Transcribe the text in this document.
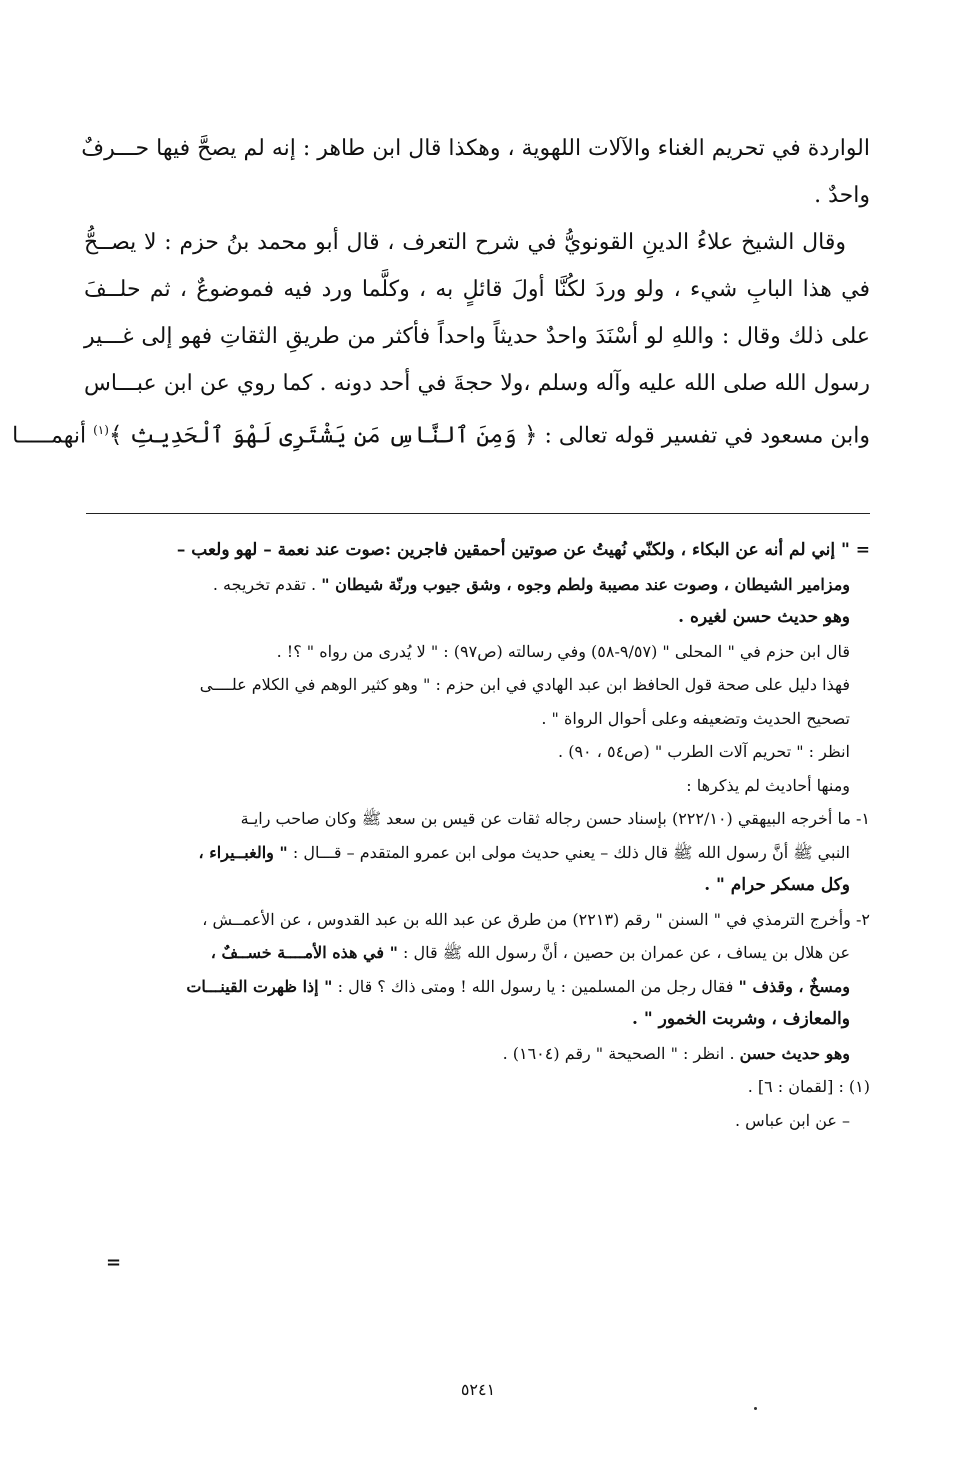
الواردة في تحريم الغناء والآلات اللهوية ، وهكذا قال ابن طاهر : إنه لم يصحَّ فيها حـــرفٌ
واحدٌ .
وقال الشيخ علاءُ الدينِ القونويُّ في شرح التعرف ، قال أبو محمد بنُ حزم : لا يصــحُّ
في هذا البابِ شيء ، ولو وردَ لكُنَّا أولَ قائلٍ به ، وكلَّما ورد فيه فموضوعٌ ، ثم حلــفَ
على ذلك وقال : واللهِ لو أسْنَدَ واحدٌ حديثاً واحداً فأكثر من طريقِ الثقاتِ فهو إلى غـــير
رسول الله صلى الله عليه وآله وسلم ،ولا حجةَ في أحد دونه . كما روي عن ابن عبـــاس
وابن مسعود في تفسير قوله تعالى : ﴿ وَمِنَ ٱلنَّاسِ مَن يَشْتَرِى لَهْوَ ٱلْحَدِيثِ ﴾$^{(١)}$ أنهمـــــا
= " إني لم أنه عن البكاء ، ولكنّي نُهيتُ عن صوتين أحمقين فاجرين :صوت عند نعمة – لهو ولعب –
ومزامير الشيطان ، وصوت عند مصيبة ولطم وجوه ، وشق جيوب ورنّة شيطان " . تقدم تخريجه .
وهو حديث حسن لغيره .
قال ابن حزم في " المحلى " (٩/٥٧-٥٨) وفي رسالته (ص٩٧) : " لا يُدرى من رواه " ؟! .
فهذا دليل على صحة قول الحافظ ابن عبد الهادي في ابن حزم : " وهو كثير الوهم في الكلام علــــى
تصحيح الحديث وتضعيفه وعلى أحوال الرواة " .
انظر : " تحريم آلات الطرب " (ص٥٤ ، ٩٠) .
ومنها أحاديث لم يذكرها :
١- ما أخرجه البيهقي (٢٢٢/١٠) بإسناد حسن رجاله ثقات عن قيس بن سعد ﷺ وكان صاحب رايـة
النبي ﷺ أنَّ رسول الله ﷺ قال ذلك – يعني حديث مولى ابن عمرو المتقدم – قـــال : " والغبــيراء ،
وكل مسكر حرام " .
٢- وأخرج الترمذي في " السنن " رقم (٢٢١٣) من طرق عن عبد الله بن عبد القدوس ، عن الأعمــش ،
عن هلال بن يساف ، عن عمران بن حصين ، أنَّ رسول الله ﷺ قال : " في هذه الأمــــة خســفٌ ،
ومسخٌ ، وقذف " فقال رجل من المسلمين : يا رسول الله ! ومتى ذاك ؟ قال : " إذا ظهرت القينـــات
والمعازف ، وشربت الخمور " .
وهو حديث حسن . انظر : " الصحيحة " رقم (١٦٠٤) .
(١) : [لقمان : ٦] .
– عن ابن عباس .
=
٥٢٤١
